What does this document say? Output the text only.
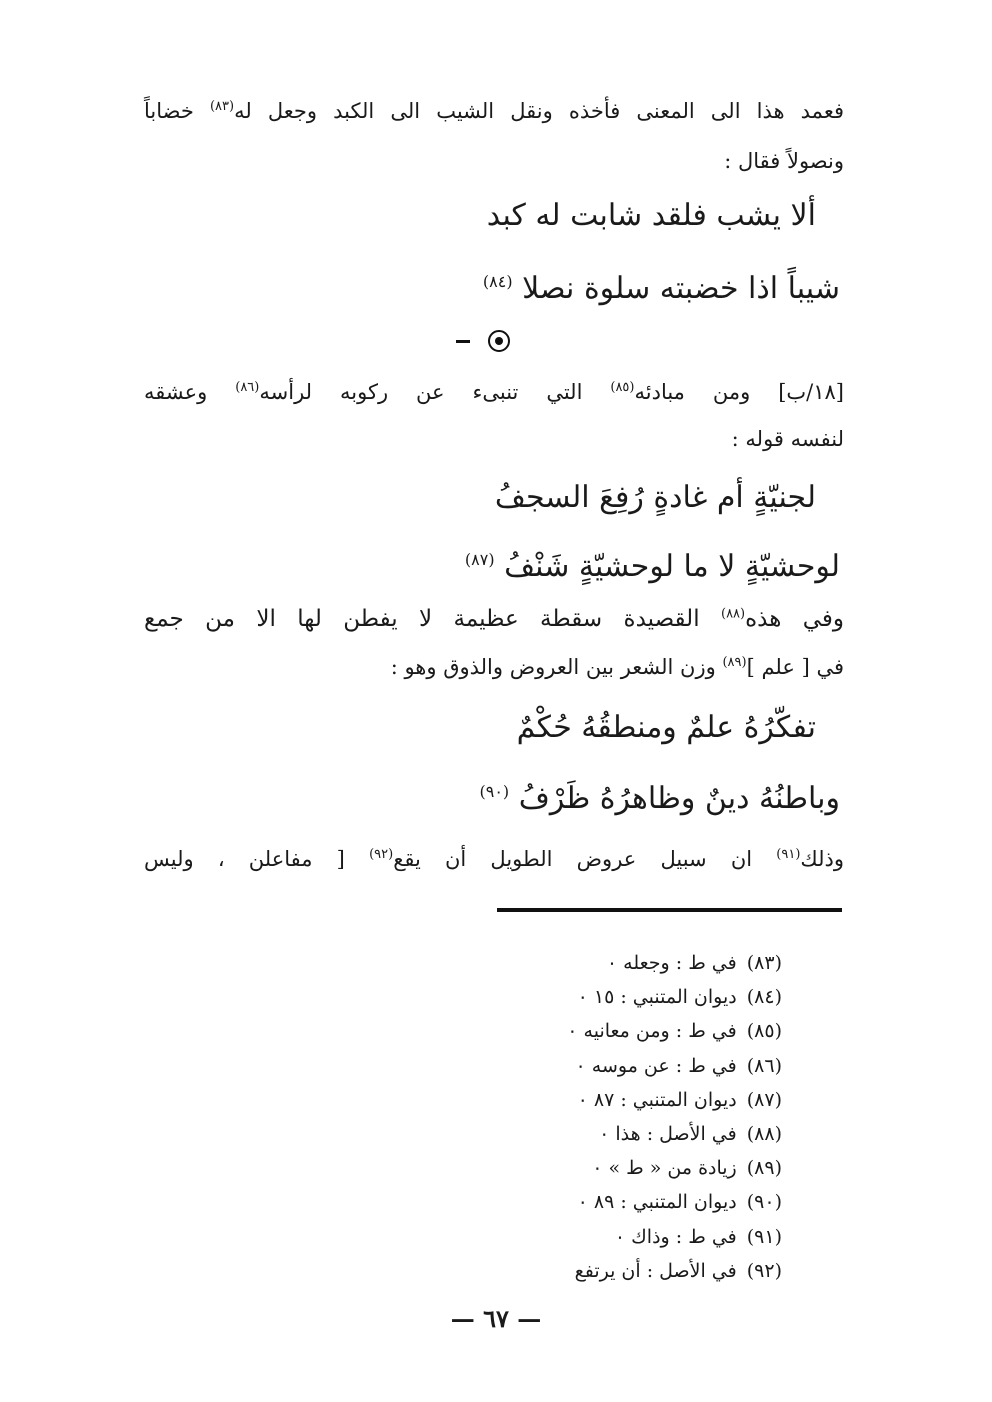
فعمد هذا الى المعنى فأخذه ونقل الشيب الى الكبد وجعل له$^{(٨٣)}$ خضاباً
ونصولاً فقال :
ألا يشب فلقد شابت له كبد
شيباً اذا خضبته سلوة نصلا $^{(٨٤)}$
[١٨/ب] ومن مبادئه$^{(٨٥)}$ التي تنبىء عن ركوبه لرأسه$^{(٨٦)}$ وعشقه
لنفسه قوله :
لجنيّةٍ أم غادةٍ رُفِعَ السجفُ
لوحشيّةٍ لا ما لوحشيّةٍ شَنْفُ $^{(٨٧)}$
وفي هذه$^{(٨٨)}$ القصيدة سقطة عظيمة لا يفطن لها الا من جمع
في [ علم ]$^{(٨٩)}$ وزن الشعر بين العروض والذوق وهو :
تفكّرُهُ علمٌ ومنطقُهُ حُكْمٌ
وباطنُهُ دينٌ وظاهرُهُ ظَرْفُ $^{(٩٠)}$
وذلك$^{(٩١)}$ ان سبيل عروض الطويل أن يقع$^{(٩٢)}$ [ مفاعلن ، وليس
(٨٣)في ط : وجعله ٠
(٨٤)ديوان المتنبي : ١٥ ٠
(٨٥)في ط : ومن معانيه ٠
(٨٦)في ط : عن موسه ٠
(٨٧)ديوان المتنبي : ٨٧ ٠
(٨٨)في الأصل : هذا ٠
(٨٩)زيادة من « ط » ٠
(٩٠)ديوان المتنبي : ٨٩ ٠
(٩١)في ط : وذاك ٠
(٩٢)في الأصل : أن يرتفع
— ٦٧ —
